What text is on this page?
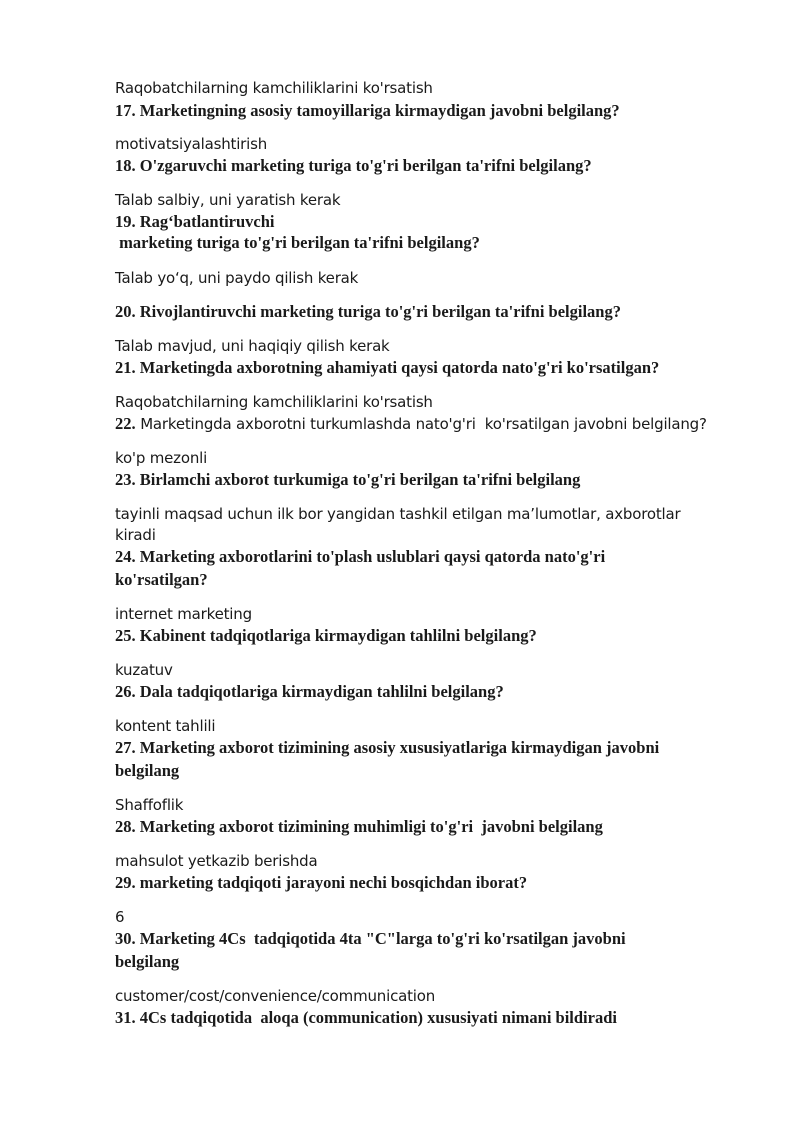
Raqobatchilarning kamchiliklarini ko'rsatish
17. Marketingning asosiy tamoyillariga kirmaydigan javobni belgilang?
motivatsiyalashtirish
18. O'zgaruvchi marketing turiga to'g'ri berilgan ta'rifni belgilang?
Talab salbiy, uni yaratish kerak
19. Rag‘batlantiruvchi
marketing turiga to'g'ri berilgan ta'rifni belgilang?
Talab yo‘q, uni paydo qilish kerak
20. Rivojlantiruvchi marketing turiga to'g'ri berilgan ta'rifni belgilang?
Talab mavjud, uni haqiqiy qilish kerak
21. Marketingda axborotning ahamiyati qaysi qatorda nato'g'ri ko'rsatilgan?
Raqobatchilarning kamchiliklarini ko'rsatish
22. Marketingda axborotni turkumlashda nato'g'ri  ko'rsatilgan javobni belgilang?
ko'p mezonli
23. Birlamchi axborot turkumiga to'g'ri berilgan ta'rifni belgilang
tayinli maqsad uchun ilk bor yangidan tashkil etilgan ma’lumotlar, axborotlar
kiradi
24. Marketing axborotlarini to'plash uslublari qaysi qatorda nato'g'ri
ko'rsatilgan?
internet marketing
25. Kabinent tadqiqotlariga kirmaydigan tahlilni belgilang?
kuzatuv
26. Dala tadqiqotlariga kirmaydigan tahlilni belgilang?
kontent tahlili
27. Marketing axborot tizimining asosiy xususiyatlariga kirmaydigan javobni
belgilang
Shaffoflik
28. Marketing axborot tizimining muhimligi to'g'ri  javobni belgilang
mahsulot yetkazib berishda
29. marketing tadqiqoti jarayoni nechi bosqichdan iborat?
6
30. Marketing 4Cs  tadqiqotida 4ta "C"larga to'g'ri ko'rsatilgan javobni
belgilang
customer/cost/convenience/communication
31. 4Cs tadqiqotida  aloqa (communication) xususiyati nimani bildiradi
